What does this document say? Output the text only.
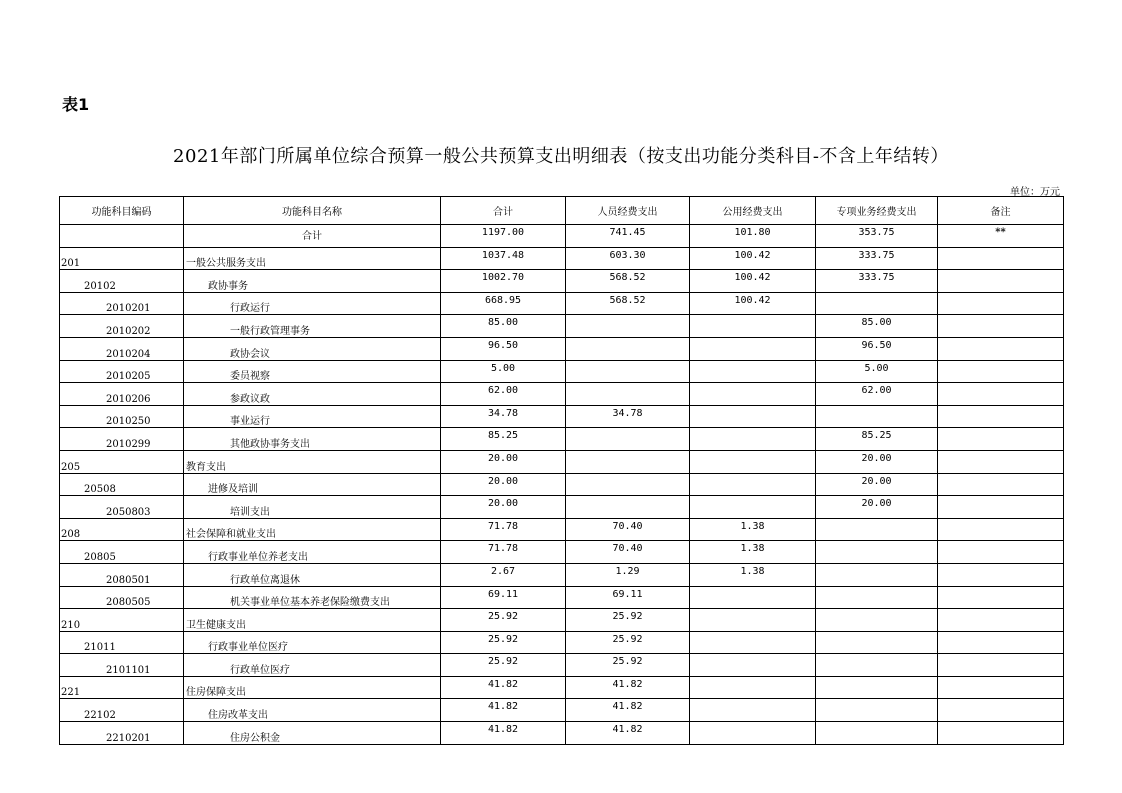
表1
2021年部门所属单位综合预算一般公共预算支出明细表（按支出功能分类科目-不含上年结转）
单位：万元
功能科目编码	功能科目名称	合计	人员经费支出	公用经费支出	专项业务经费支出	备注
	合计	1197.00	741.45	101.80	353.75	**
201	一般公共服务支出	1037.48	603.30	100.42	333.75	
20102	政协事务	1002.70	568.52	100.42	333.75	
2010201	行政运行	668.95	568.52	100.42		
2010202	一般行政管理事务	85.00			85.00	
2010204	政协会议	96.50			96.50	
2010205	委员视察	5.00			5.00	
2010206	参政议政	62.00			62.00	
2010250	事业运行	34.78	34.78			
2010299	其他政协事务支出	85.25			85.25	
205	教育支出	20.00			20.00	
20508	进修及培训	20.00			20.00	
2050803	培训支出	20.00			20.00	
208	社会保障和就业支出	71.78	70.40	1.38		
20805	行政事业单位养老支出	71.78	70.40	1.38		
2080501	行政单位离退休	2.67	1.29	1.38		
2080505	机关事业单位基本养老保险缴费支出	69.11	69.11			
210	卫生健康支出	25.92	25.92			
21011	行政事业单位医疗	25.92	25.92			
2101101	行政单位医疗	25.92	25.92			
221	住房保障支出	41.82	41.82			
22102	住房改革支出	41.82	41.82			
2210201	住房公积金	41.82	41.82			
